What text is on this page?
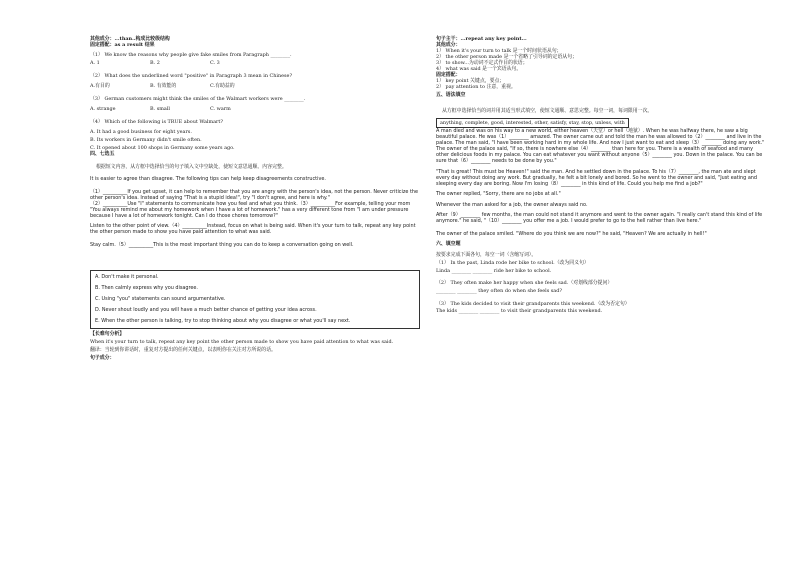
其他成分：...than..构成比较级结构

固定搭配：as a result 结果

（1） We know the reasons why people give fake smiles from Paragraph ________.

A. 1	B. 2	C. 3

（2） What does the underlined word "positive" in Paragraph 3 mean in Chinese?

A.有目的	B. 有效能的	C.有助益的

（3） German customers might think the smiles of the Walmart workers were ________.

A. strange	B. small	C. warm

（4） Which of the following is TRUE about Walmart?

A. It had a good business for eight years.

B. Its workers in Germany didn't smile often.

C. It opened about 100 shops in Germany some years ago.

四、七选五

根据短文内容，从方框中选择恰当的句子填入文中空缺处，使短文意思通顺、内容完整。

It is easier to agree than disagree. The following tips can help keep disagreements constructive.

（1）__________If you get upset, it can help to remember that you are angry with the person's idea, not the person. Never criticize the other person's idea. Instead of saying "That is a stupid idea!", try "I don't agree, and here is why."

（2）__________Use "I" statements to communicate how you feel and what you think.（3）__________For example, telling your mom "You always remind me about my homework when I have a lot of homework." has a very different tone from "I am under pressure because I have a lot of homework tonight. Can I do those chores tomorrow?"

Listen to the other point of view.（4）__________Instead, focus on what is being said. When it's your turn to talk, repeat any key point the other person made to show you have paid attention to what was said.

Stay calm.（5）__________This is the most important thing you can do to keep a conversation going on well.

A. Don't make it personal.

B. Then calmly express why you disagree.

C. Using "you" statements can sound argumentative.

D. Never shout loudly and you will have a much better chance of getting your idea across.

E. When the other person is talking, try to stop thinking about why you disagree or what you'll say next.

【长难句分析】

When it's your turn to talk, repeat any key point the other person made to show you have paid attention to what was said.

翻译：当轮到你讲话时，重复对方提出的任何关键点，以表明你在关注对方所说的话。

句子成分：

句子主干：...repeat any key point...

其他成分：

1） When it's your turn to talk 是一个时间状语从句；

2） the other person made 是一个省略了引导词的定语从句；

3） to show...为动词不定式作目的状语；

4） what was said 是一个宾语从句。

固定搭配：

1） key point 关键点，要点；

2） pay attention to 注意，重视。

五、语法填空

从方框中选择恰当的词并用其适当形式填空，使短文通顺、意思完整。每空一词，每词限用一次。

anything, complete, good, interested, other, satisfy, stay, stop, unless, with

A man died and was on his way to a new world, either heaven（天堂）or hell（地狱）. When he was halfway there, he saw a big beautiful palace. He was（1）________ amazed. The owner came out and told the man he was allowed to（2）________ and live in the palace. The man said, "I have been working hard in my whole life. And now I just want to eat and sleep（3）________ doing any work." The owner of the palace said, "If so, there is nowhere else（4）________ than here for you. There is a wealth of seafood and many other delicious foods in my palace. You can eat whatever you want without anyone（5）________ you. Down in the palace. You can be sure that（6）________ needs to be done by you."

"That is great! This must be Heaven!" said the man. And he settled down in the palace. To his（7）________, the man ate and slept every day without doing any work. But gradually, he felt a bit lonely and bored. So he went to the owner and said, "Just eating and sleeping every day are boring. Now I'm losing（8）________ in this kind of life. Could you help me find a job?"

The owner replied, "Sorry, there are no jobs at all."

Whenever the man asked for a job, the owner always said no.

After（9）________ few months, the man could not stand it anymore and went to the owner again. "I really can't stand this kind of life anymore." he said, "（10）________ you offer me a job. I would prefer to go to the hell rather than live here."

The owner of the palace smiled. "Where do you think we are now?" he said, "Heaven? We are actually in hell!"

六、填空题

按要求完成下面各句，每空一词（含缩写词）。

（1） In the past, Linda rode her bike to school.（改为同义句）

Linda ________ ________ ride her bike to school.

（2） They often make her happy when she feels sad.（对划线部分提问）

________ ________ they often do when she feels sad?

（3） The kids decided to visit their grandparents this weekend.（改为否定句）

The kids ________ ________ to visit their grandparents this weekend.
